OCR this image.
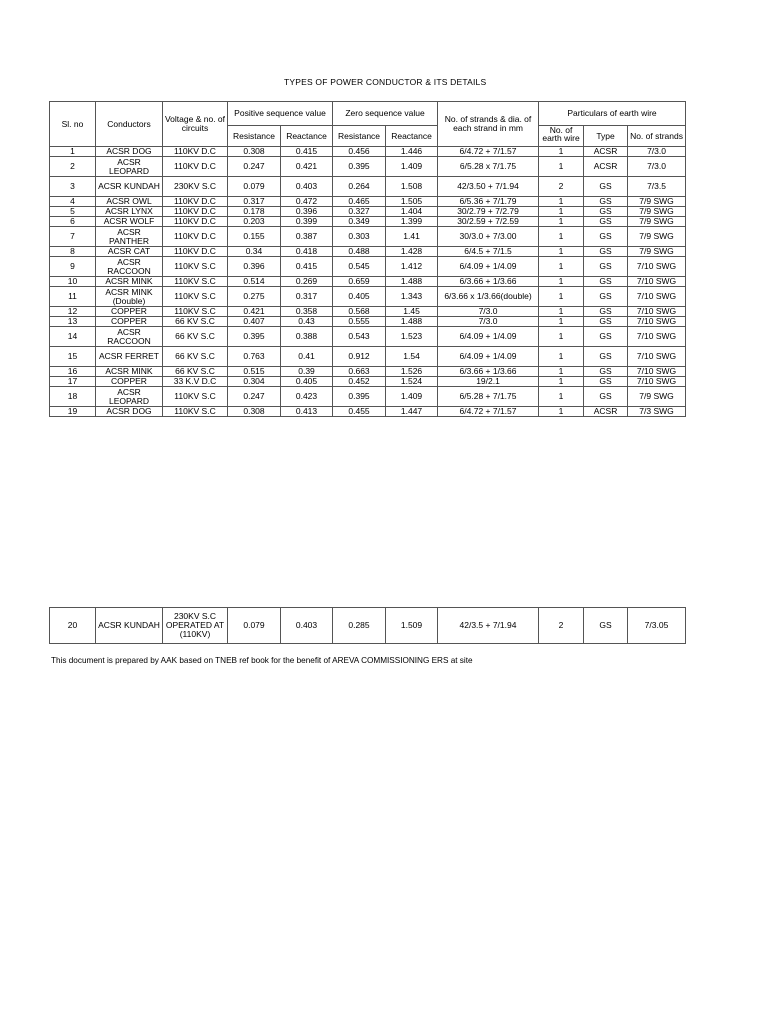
TYPES OF POWER CONDUCTOR & ITS DETAILS
Sl. no	Conductors	Voltage & no. of circuits	Positive sequence value		Zero sequence value		No. of strands & dia. of each strand in mm	Particulars of earth wire		
			Resistance	Reactance	Resistance	Reactance		No. of earth wire	Type	No. of strands
1	ACSR DOG	110KV D.C	0.308	0.415	0.456	1.446	6/4.72 + 7/1.57	1	ACSR	7/3.0
2	ACSR LEOPARD	110KV D.C	0.247	0.421	0.395	1.409	6/5.28 x 7/1.75	1	ACSR	7/3.0
3	ACSR KUNDAH	230KV S.C	0.079	0.403	0.264	1.508	42/3.50 + 7/1.94	2	GS	7/3.5
4	ACSR OWL	110KV D.C	0.317	0.472	0.465	1.505	6/5.36 + 7/1.79	1	GS	7/9 SWG
5	ACSR LYNX	110KV D.C	0.178	0.396	0.327	1.404	30/2.79 + 7/2.79	1	GS	7/9 SWG
6	ACSR WOLF	110KV D.C	0.203	0.399	0.349	1.399	30/2.59 + 7/2.59	1	GS	7/9 SWG
7	ACSR PANTHER	110KV D.C	0.155	0.387	0.303	1.41	30/3.0 + 7/3.00	1	GS	7/9 SWG
8	ACSR CAT	110KV D.C	0.34	0.418	0.488	1.428	6/4.5 + 7/1.5	1	GS	7/9 SWG
9	ACSR RACCOON	110KV S.C	0.396	0.415	0.545	1.412	6/4.09 + 1/4.09	1	GS	7/10 SWG
10	ACSR MINK	110KV S.C	0.514	0.269	0.659	1.488	6/3.66 + 1/3.66	1	GS	7/10 SWG
11	ACSR MINK (Double)	110KV S.C	0.275	0.317	0.405	1.343	6/3.66 x 1/3.66(double)	1	GS	7/10 SWG
12	COPPER	110KV S.C	0.421	0.358	0.568	1.45	7/3.0	1	GS	7/10 SWG
13	COPPER	66 KV S.C	0.407	0.43	0.555	1.488	7/3.0	1	GS	7/10 SWG
14	ACSR RACCOON	66 KV S.C	0.395	0.388	0.543	1.523	6/4.09 + 1/4.09	1	GS	7/10 SWG
15	ACSR FERRET	66 KV S.C	0.763	0.41	0.912	1.54	6/4.09 + 1/4.09	1	GS	7/10 SWG
16	ACSR MINK	66 KV S.C	0.515	0.39	0.663	1.526	6/3.66 + 1/3.66	1	GS	7/10 SWG
17	COPPER	33 K.V D.C	0.304	0.405	0.452	1.524	19/2.1	1	GS	7/10 SWG
18	ACSR LEOPARD	110KV S.C	0.247	0.423	0.395	1.409	6/5.28 + 7/1.75	1	GS	7/9 SWG
19	ACSR DOG	110KV S.C	0.308	0.413	0.455	1.447	6/4.72 + 7/1.57	1	ACSR	7/3 SWG
20	ACSR KUNDAH	230KV S.C OPERATED AT (110KV)	0.079	0.403	0.285	1.509	42/3.5 + 7/1.94	2	GS	7/3.05
This document is prepared by AAK based on TNEB ref book for the benefit of AREVA COMMISSIONING ERS at site
